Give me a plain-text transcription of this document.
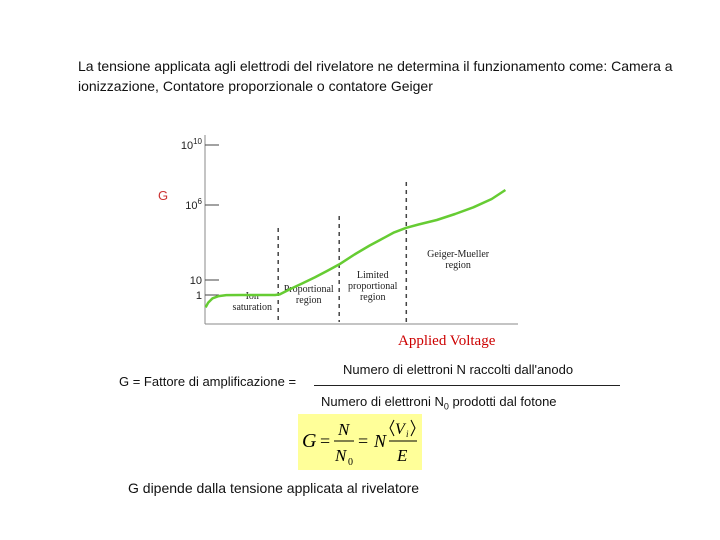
La tensione applicata agli elettrodi del rivelatore ne determina il funzionamento come: Camera a ionizzazione, Contatore proporzionale o contatore Geiger
G
Applied Voltage
1
10
$10^6$
$10^{10}$
Ion saturation
Proportional region
Limited proportional region
Geiger-Mueller region
G = Fattore di amplificazione =
Numero di elettroni N raccolti dall'anodo
Numero di elettroni $N_0$ prodotti dal fotone
G =
N
N 0
= N
V i
E
G dipende dalla tensione applicata al rivelatore
